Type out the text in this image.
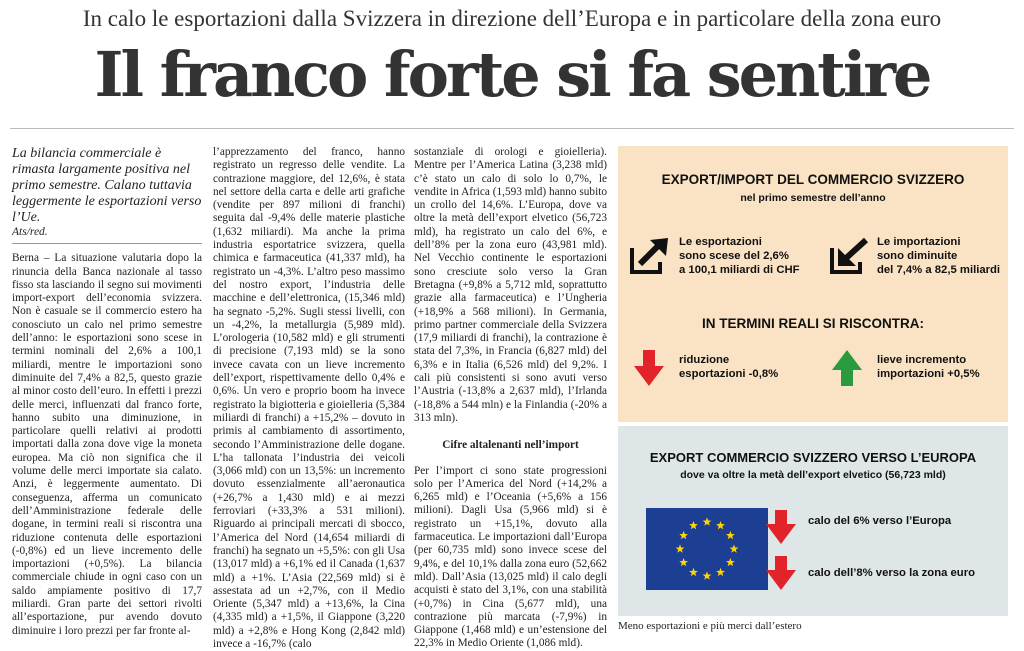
In calo le esportazioni dalla Svizzera in direzione dell’Europa e in particolare della zona euro
Il franco forte si fa sentire

La bilancia commerciale è rimasta largamente positiva nel primo semestre. Calano tuttavia leggermente le esportazioni verso l’Ue.

Ats/red.

Berna – La situazione valutaria dopo la rinuncia della Banca nazionale al tasso fisso sta lasciando il segno sui movimenti import-export dell’economia svizzera. Non è casuale se il commercio estero ha conosciuto un calo nel primo semestre dell’anno: le esportazioni sono scese in termini nominali del 2,6% a 100,1 miliardi, mentre le importazioni sono diminuite del 7,4% a 82,5, questo grazie al minor costo dell’euro. In effetti i prezzi delle merci, influenzati dal franco forte, hanno subito una diminuzione, in particolare quelli relativi ai prodotti importati dalla zona dove vige la moneta europea. Ma ciò non significa che il volume delle merci importate sia calato. Anzi, è leggermente aumentato. Di conseguenza, afferma un comunicato dell’Amministrazione federale delle dogane, in termini reali si riscontra una riduzione contenuta delle esportazioni (-0,8%) ed un lieve incremento delle importazioni (+0,5%). La bilancia commerciale chiude in ogni caso con un saldo ampiamente positivo di 17,7 miliardi. Gran parte dei settori rivolti all’esportazione, pur avendo dovuto diminuire i loro prezzi per far fronte al-

l’apprezzamento del franco, hanno registrato un regresso delle vendite. La contrazione maggiore, del 12,6%, è stata nel settore della carta e delle arti grafiche (vendite per 897 milioni di franchi) seguita dal -9,4% delle materie plastiche (1,632 miliardi). Ma anche la prima industria esportatrice svizzera, quella chimica e farmaceutica (41,337 mld), ha registrato un -4,3%. L’altro peso massimo del nostro export, l’industria delle macchine e dell’elettronica, (15,346 mld) ha segnato -5,2%. Sugli stessi livelli, con un -4,2%, la metallurgia (5,989 mld). L’orologeria (10,582 mld) e gli strumenti di precisione (7,193 mld) se la sono invece cavata con un lieve incremento dell’export, rispettivamente dello 0,4% e 0,6%. Un vero e proprio boom ha invece registrato la bigiotteria e gioielleria (5,384 miliardi di franchi) a +15,2% – dovuto in primis al cambiamento di assortimento, secondo l’Amministrazione delle dogane. L’ha tallonata l’industria dei veicoli (3,066 mld) con un 13,5%: un incremento dovuto essenzialmente all’aeronautica (+26,7% a 1,430 mld) e ai mezzi ferroviari (+33,3% a 531 milioni). Riguardo ai principali mercati di sbocco, l’America del Nord (14,654 miliardi di franchi) ha segnato un +5,5%: con gli Usa (13,017 mld) a +6,1% ed il Canada (1,637 mld) a +1%. L’Asia (22,569 mld) si è assestata ad un +2,7%, con il Medio Oriente (5,347 mld) a +13,6%, la Cina (4,335 mld) a +1,5%, il Giappone (3,220 mld) a +2,8% e Hong Kong (2,842 mld) invece a -16,7% (calo

sostanziale di orologi e gioielleria). Mentre per l’America Latina (3,238 mld) c’è stato un calo di solo lo 0,7%, le vendite in Africa (1,593 mld) hanno subito un crollo del 14,6%. L’Europa, dove va oltre la metà dell’export elvetico (56,723 mld), ha registrato un calo del 6%, e dell’8% per la zona euro (43,981 mld). Nel Vecchio continente le esportazioni sono cresciute solo verso la Gran Bretagna (+9,8% a 5,712 mld, soprattutto grazie alla farmaceutica) e l’Ungheria (+18,9% a 568 milioni). In Germania, primo partner commerciale della Svizzera (17,9 miliardi di franchi), la contrazione è stata del 7,3%, in Francia (6,827 mld) del 6,3% e in Italia (6,526 mld) del 9,2%. I cali più consistenti si sono avuti verso l’Austria (-13,8% a 2,637 mld), l’Irlanda (-18,8% a 544 mln) e la Finlandia (-20% a 313 mln).

Cifre altalenanti nell’import

Per l’import ci sono state progressioni solo per l’America del Nord (+14,2% a 6,265 mld) e l’Oceania (+5,6% a 156 milioni). Dagli Usa (5,966 mld) si è registrato un +15,1%, dovuto alla farmaceutica. Le importazioni dall’Europa (per 60,735 mld) sono invece scese del 9,4%, e del 10,1% dalla zona euro (52,662 mld). Dall’Asia (13,025 mld) il calo degli acquisti è stato del 3,1%, con una stabilità (+0,7%) in Cina (5,677 mld), una contrazione più marcata (-7,9%) in Giappone (1,468 mld) e un’estensione del 22,3% in Medio Oriente (1,086 mld).

EXPORT/IMPORT DEL COMMERCIO SVIZZERO
nel primo semestre dell’anno
Le esportazioni
sono scese del 2,6%
a 100,1 miliardi di CHF
Le importazioni
sono diminuite
del 7,4% a 82,5 miliardi
IN TERMINI REALI SI RISCONTRA:
riduzione
esportazioni -0,8%
lieve incremento
importazioni +0,5%
EXPORT COMMERCIO SVIZZERO VERSO L’EUROPA
dove va oltre la metà dell’export elvetico (56,723 mld)
calo del 6% verso l’Europa
calo dell’8% verso la zona euro
Meno esportazioni e più merci dall’estero
